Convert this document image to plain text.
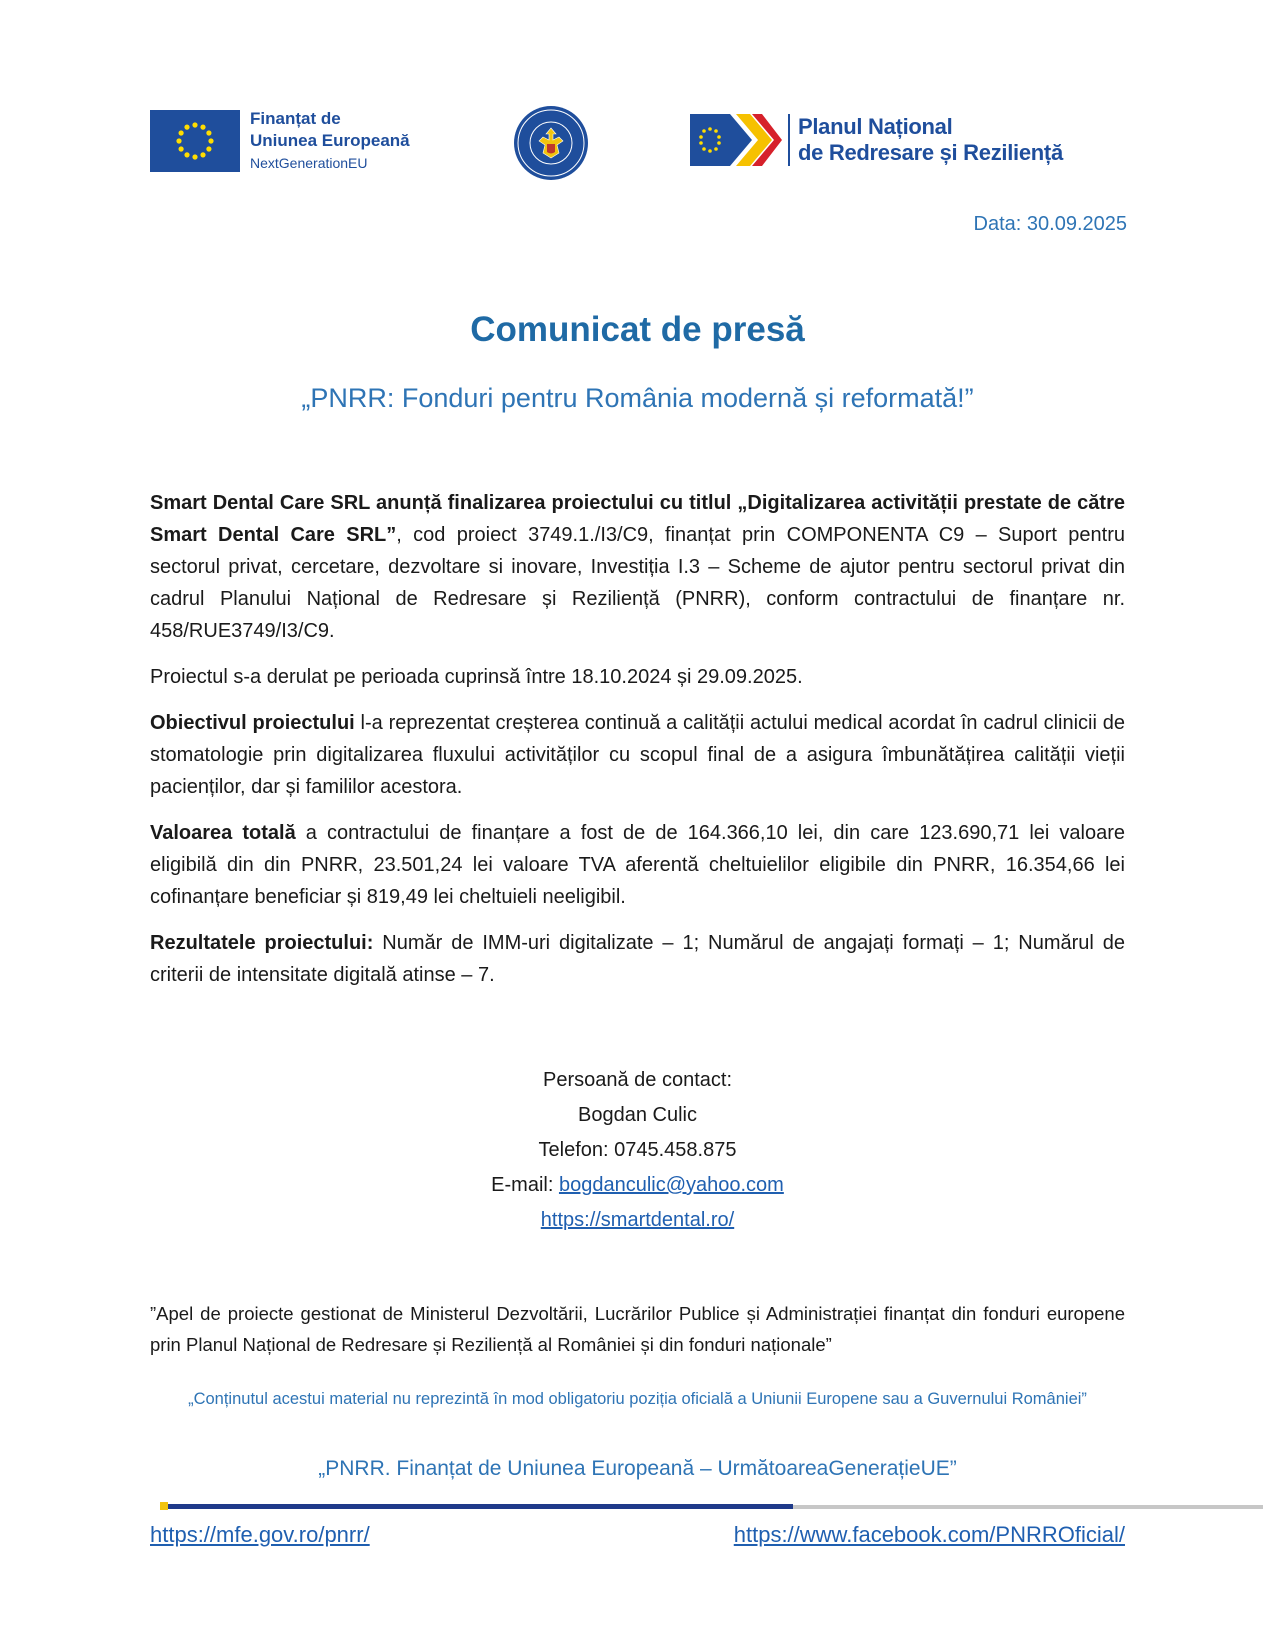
Finanțat de
Uniunea Europeană
NextGenerationEU
Planul Național
de Redresare și Reziliență
Data: 30.09.2025
Comunicat de presă
„PNRR: Fonduri pentru România modernă și reformată!”

Smart Dental Care SRL anunță finalizarea proiectului cu titlul „Digitalizarea activității prestate de către Smart Dental Care SRL”, cod proiect 3749.1./I3/C9, finanțat prin COMPONENTA C9 – Suport pentru sectorul privat, cercetare, dezvoltare si inovare, Investiția I.3 – Scheme de ajutor pentru sectorul privat din cadrul Planului Național de Redresare și Reziliență (PNRR), conform contractului de finanțare nr. 458/RUE3749/I3/C9.

Proiectul s-a derulat pe perioada cuprinsă între 18.10.2024 și 29.09.2025.

Obiectivul proiectului l-a reprezentat creșterea continuă a calității actului medical acordat în cadrul clinicii de stomatologie prin digitalizarea fluxului activităților cu scopul final de a asigura îmbunătățirea calității vieții pacienților, dar și famililor acestora.

Valoarea totală a contractului de finanțare a fost de de 164.366,10 lei, din care 123.690,71 lei valoare eligibilă din din PNRR, 23.501,24 lei valoare TVA aferentă cheltuielilor eligibile din PNRR, 16.354,66 lei cofinanțare beneficiar și 819,49 lei cheltuieli neeligibil.

Rezultatele proiectului: Număr de IMM-uri digitalizate – 1; Numărul de angajați formați – 1; Numărul de criterii de intensitate digitală atinse – 7.

Persoană de contact:
Bogdan Culic
Telefon: 0745.458.875
E-mail: bogdanculic@yahoo.com
https://smartdental.ro/
”Apel de proiecte gestionat de Ministerul Dezvoltării, Lucrărilor Publice și Administrației finanțat din fonduri europene prin Planul Național de Redresare și Reziliență al României și din fonduri naționale”
„Conținutul acestui material nu reprezintă în mod obligatoriu poziția oficială a Uniunii Europene sau a Guvernului României”
„PNRR. Finanțat de Uniunea Europeană – UrmătoareaGenerațieUE”
https://mfe.gov.ro/pnrr/	https://www.facebook.com/PNRROficial/
